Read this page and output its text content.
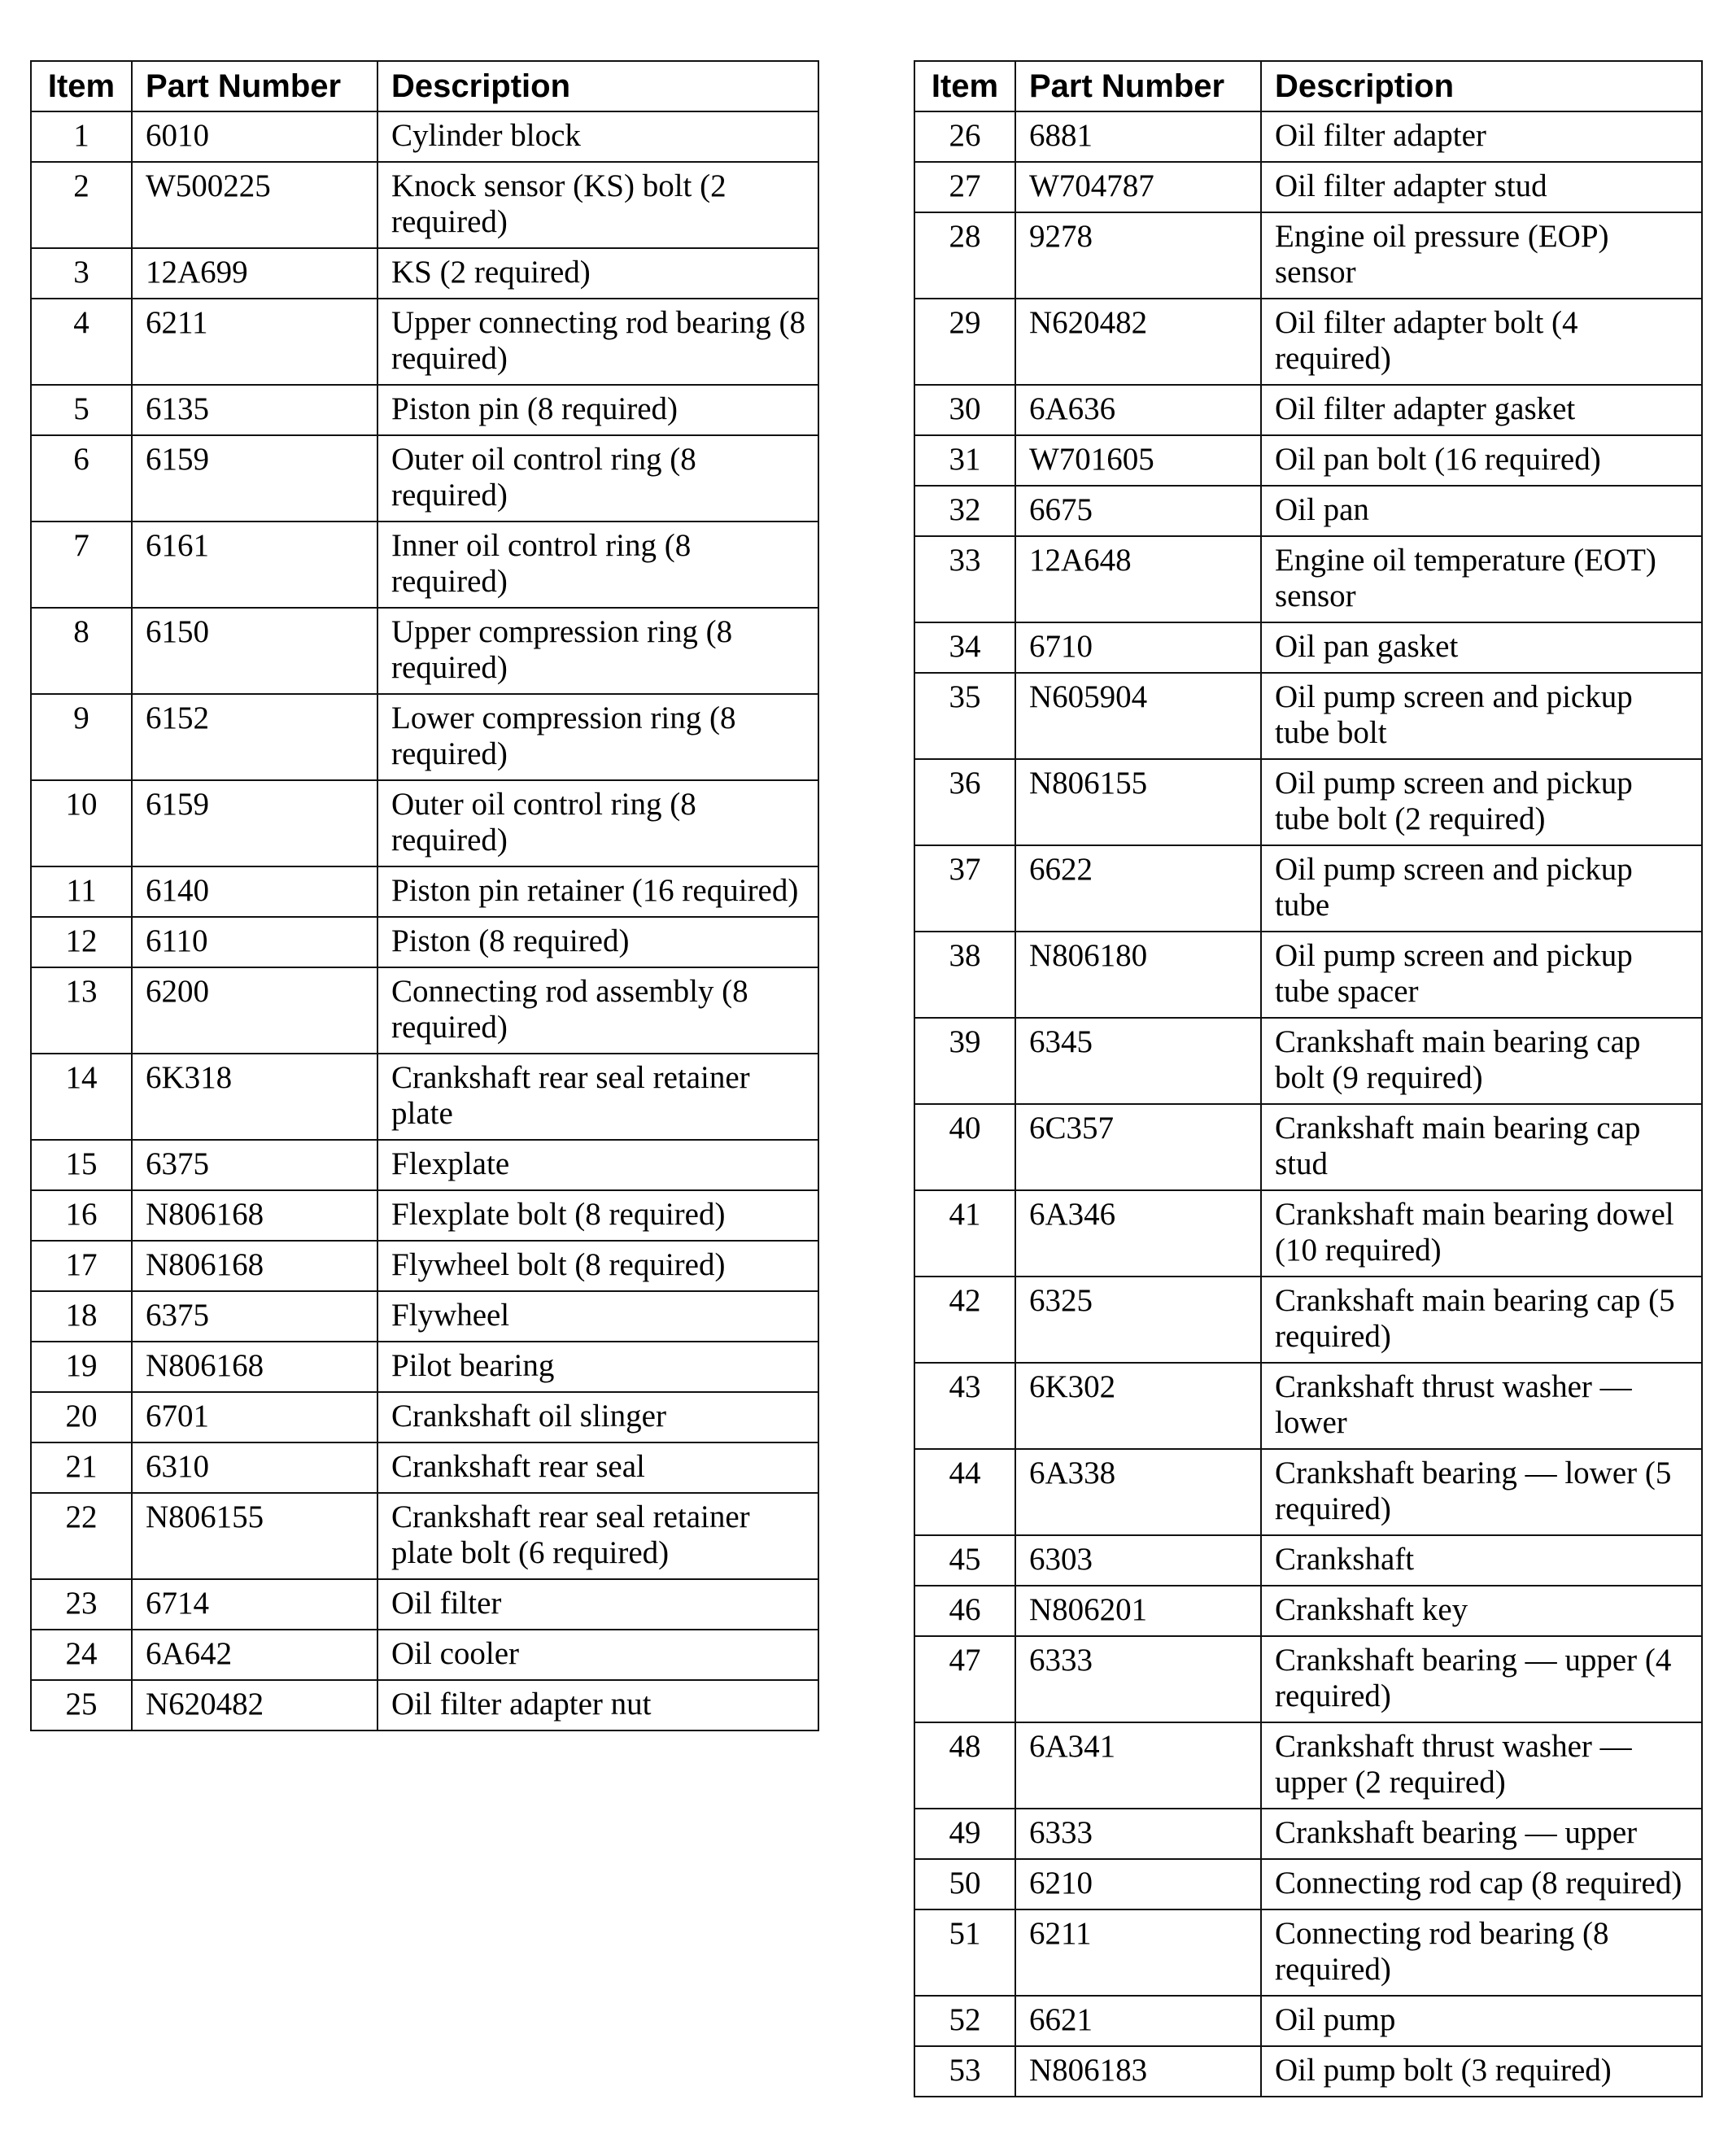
Item	Part Number	Description
1	6010	Cylinder block
2	W500225	Knock sensor (KS) bolt (2 required)
3	12A699	KS (2 required)
4	6211	Upper connecting rod bearing (8 required)
5	6135	Piston pin (8 required)
6	6159	Outer oil control ring (8 required)
7	6161	Inner oil control ring (8 required)
8	6150	Upper compression ring (8 required)
9	6152	Lower compression ring (8 required)
10	6159	Outer oil control ring (8 required)
11	6140	Piston pin retainer (16 required)
12	6110	Piston (8 required)
13	6200	Connecting rod assembly (8 required)
14	6K318	Crankshaft rear seal retainer plate
15	6375	Flexplate
16	N806168	Flexplate bolt (8 required)
17	N806168	Flywheel bolt (8 required)
18	6375	Flywheel
19	N806168	Pilot bearing
20	6701	Crankshaft oil slinger
21	6310	Crankshaft rear seal
22	N806155	Crankshaft rear seal retainer plate bolt (6 required)
23	6714	Oil filter
24	6A642	Oil cooler
25	N620482	Oil filter adapter nut
Item	Part Number	Description
26	6881	Oil filter adapter
27	W704787	Oil filter adapter stud
28	9278	Engine oil pressure (EOP) sensor
29	N620482	Oil filter adapter bolt (4 required)
30	6A636	Oil filter adapter gasket
31	W701605	Oil pan bolt (16 required)
32	6675	Oil pan
33	12A648	Engine oil temperature (EOT) sensor
34	6710	Oil pan gasket
35	N605904	Oil pump screen and pickup tube bolt
36	N806155	Oil pump screen and pickup tube bolt (2 required)
37	6622	Oil pump screen and pickup tube
38	N806180	Oil pump screen and pickup tube spacer
39	6345	Crankshaft main bearing cap bolt (9 required)
40	6C357	Crankshaft main bearing cap stud
41	6A346	Crankshaft main bearing dowel (10 required)
42	6325	Crankshaft main bearing cap (5 required)
43	6K302	Crankshaft thrust washer — lower
44	6A338	Crankshaft bearing — lower (5 required)
45	6303	Crankshaft
46	N806201	Crankshaft key
47	6333	Crankshaft bearing — upper (4 required)
48	6A341	Crankshaft thrust washer — upper (2 required)
49	6333	Crankshaft bearing — upper
50	6210	Connecting rod cap (8 required)
51	6211	Connecting rod bearing (8 required)
52	6621	Oil pump
53	N806183	Oil pump bolt (3 required)
